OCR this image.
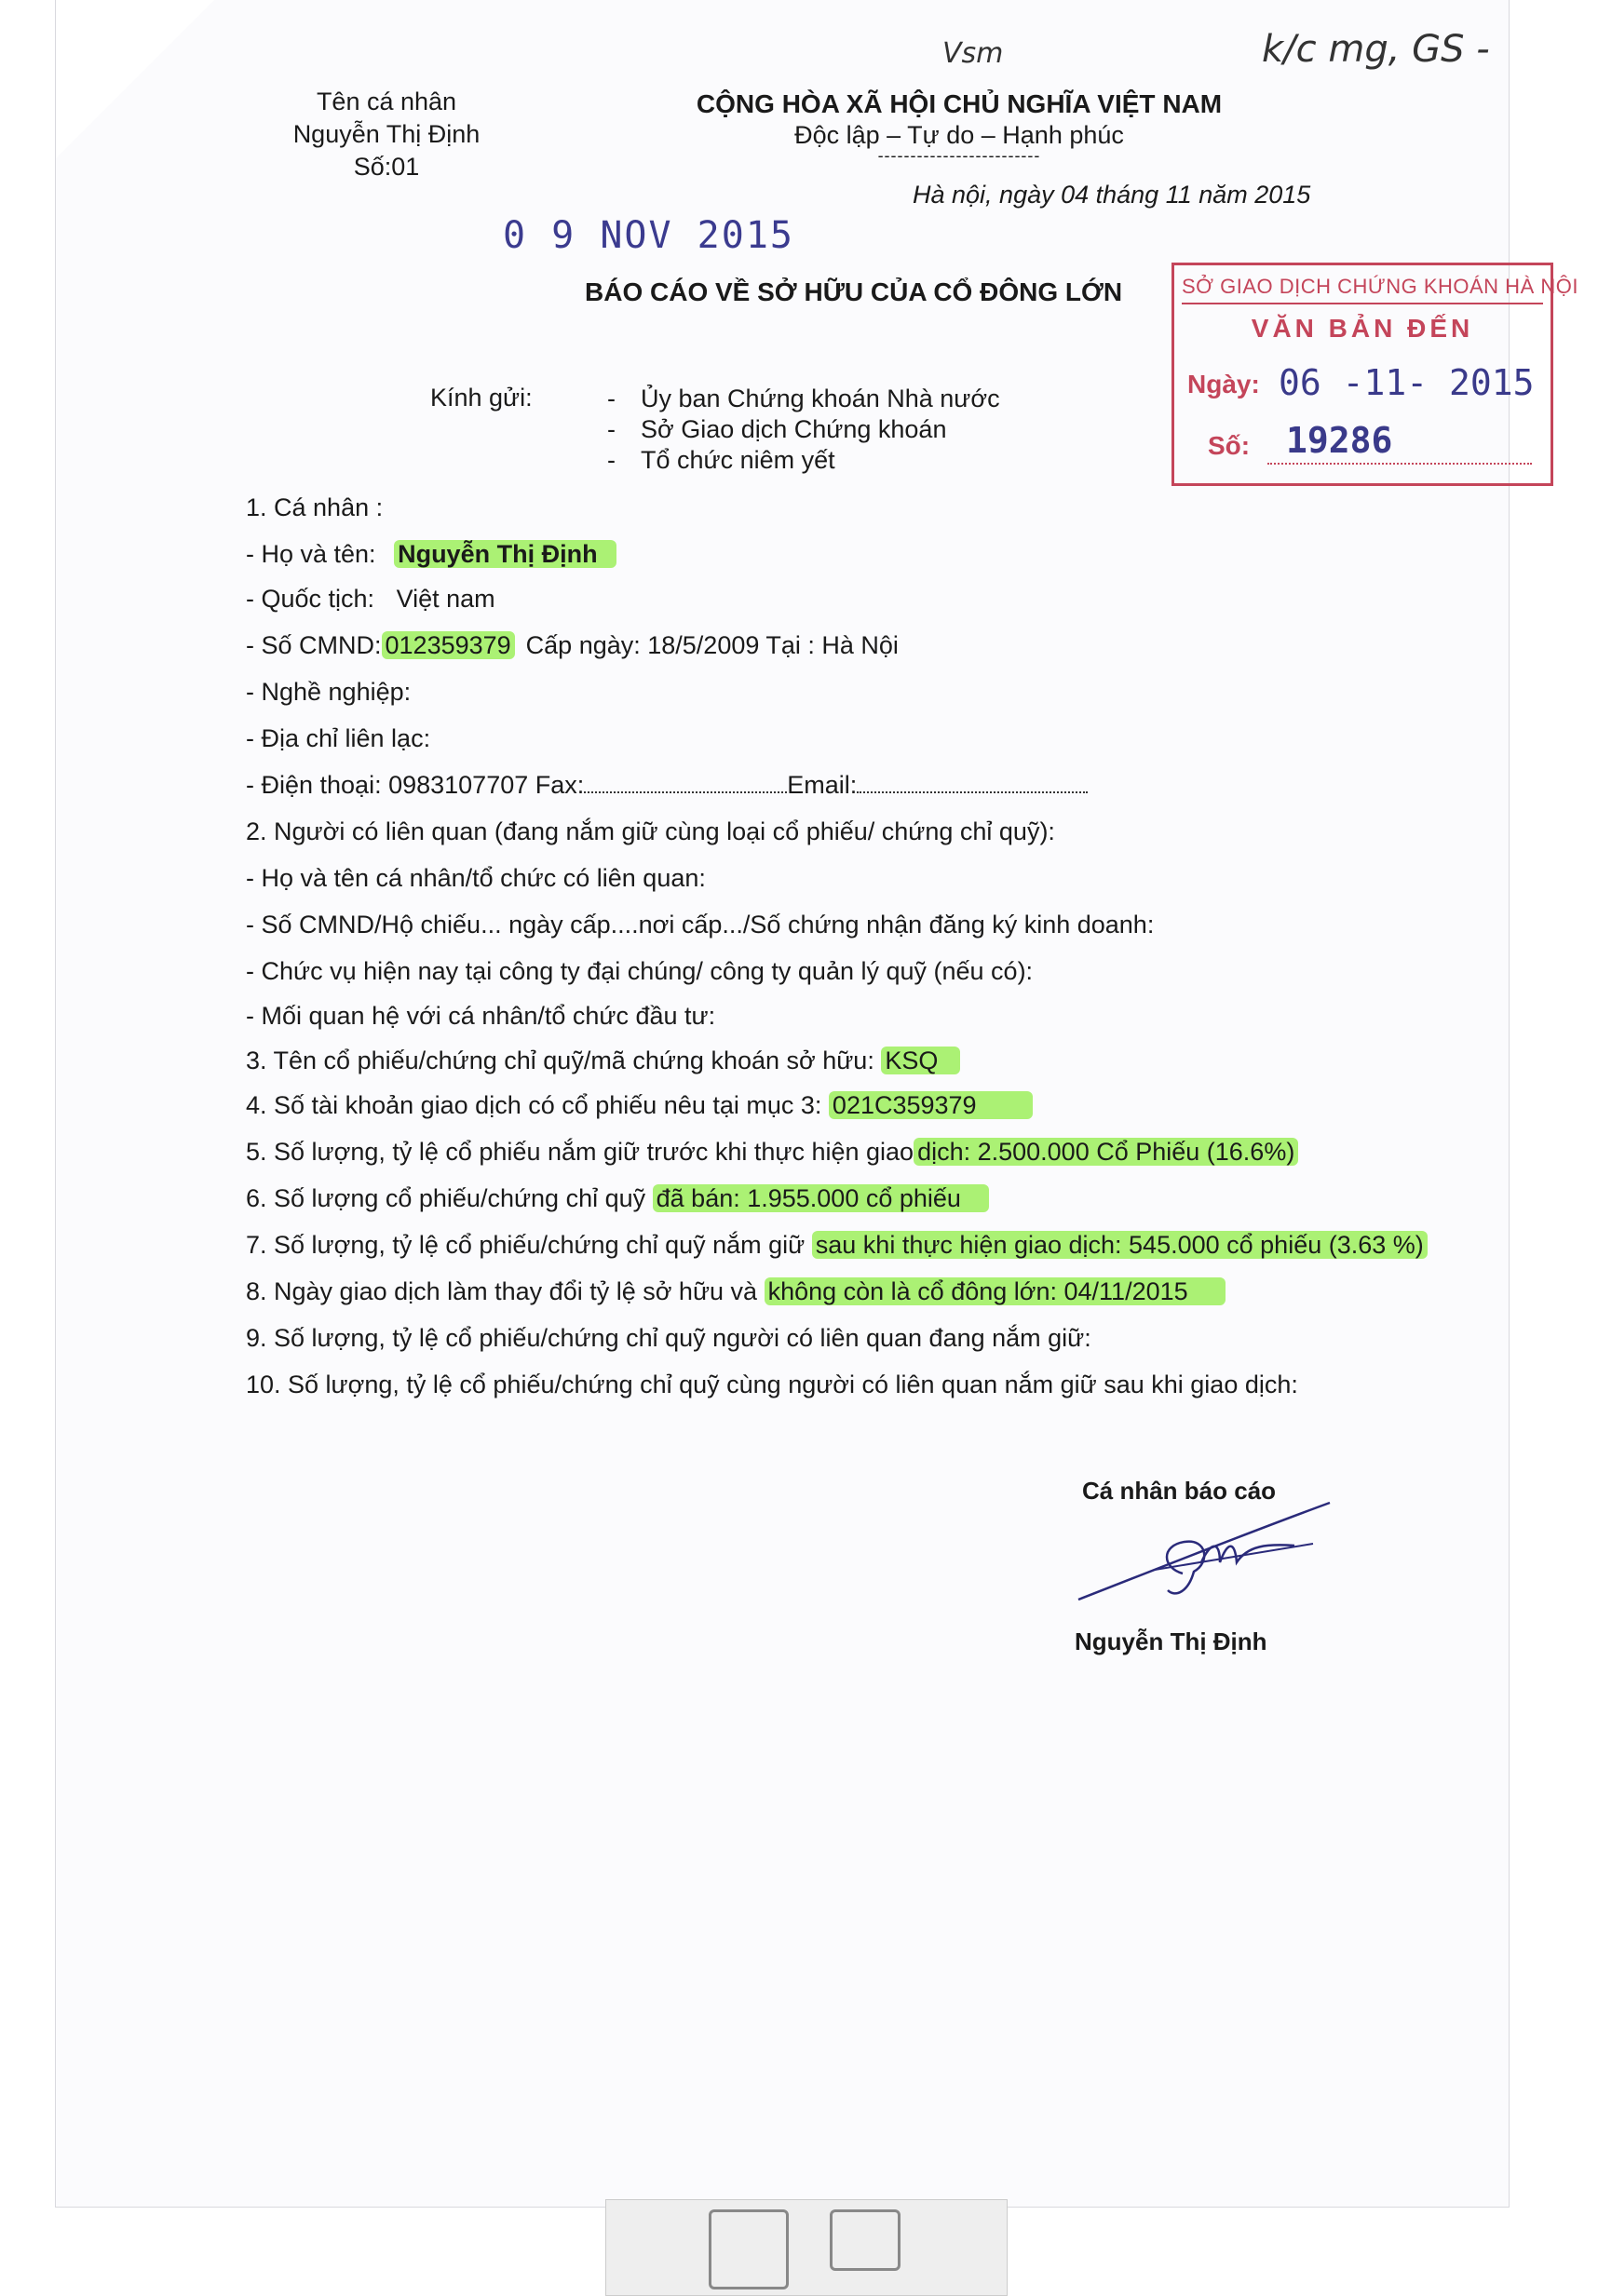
Tên cá nhân
Nguyễn Thị Định
Số:01
Vsm	k/c mg, GS -
CỘNG HÒA XÃ HỘI CHỦ NGHĨA VIỆT NAM
Độc lập – Tự do – Hạnh phúc
-------------------------
Hà nội, ngày 04 tháng 11 năm 2015
0 9 NOV 2015
SỞ GIAO DỊCH CHỨNG KHOÁN HÀ NỘI
VĂN BẢN ĐẾN
Ngày: 06 -11- 2015
Số: 19286
BÁO CÁO VỀ SỞ HỮU CỦA CỔ ĐÔNG LỚN
Kính gửi:	- Ủy ban Chứng khoán Nhà nước
- Sở Giao dịch Chứng khoán
- Tổ chức niêm yết
1. Cá nhân :
- Họ và tên: Nguyễn Thị Định
- Quốc tịch: Việt nam
- Số CMND: 012359379 Cấp ngày: 18/5/2009 Tại : Hà Nội
- Nghề nghiệp:
- Địa chỉ liên lạc:
- Điện thoại: 0983107707 Fax:	Email:
2. Người có liên quan (đang nắm giữ cùng loại cổ phiếu/ chứng chỉ quỹ):
- Họ và tên cá nhân/tổ chức có liên quan:
- Số CMND/Hộ chiếu... ngày cấp....nơi cấp.../Số chứng nhận đăng ký kinh doanh:
- Chức vụ hiện nay tại công ty đại chúng/ công ty quản lý quỹ (nếu có):
- Mối quan hệ với cá nhân/tổ chức đầu tư:
3. Tên cổ phiếu/chứng chỉ quỹ/mã chứng khoán sở hữu: KSQ
4. Số tài khoản giao dịch có cổ phiếu nêu tại mục 3: 021C359379
5. Số lượng, tỷ lệ cổ phiếu nắm giữ trước khi thực hiện giao dịch: 2.500.000 Cổ Phiếu (16.6%)
6. Số lượng cổ phiếu/chứng chỉ quỹ đã bán: 1.955.000 cổ phiếu
7. Số lượng, tỷ lệ cổ phiếu/chứng chỉ quỹ nắm giữ sau khi thực hiện giao dịch: 545.000 cổ phiếu (3.63 %)
8. Ngày giao dịch làm thay đổi tỷ lệ sở hữu và không còn là cổ đông lớn: 04/11/2015
9. Số lượng, tỷ lệ cổ phiếu/chứng chỉ quỹ người có liên quan đang nắm giữ:
10. Số lượng, tỷ lệ cổ phiếu/chứng chỉ quỹ cùng người có liên quan nắm giữ sau khi giao dịch:
Cá nhân báo cáo
Nguyễn Thị Định
